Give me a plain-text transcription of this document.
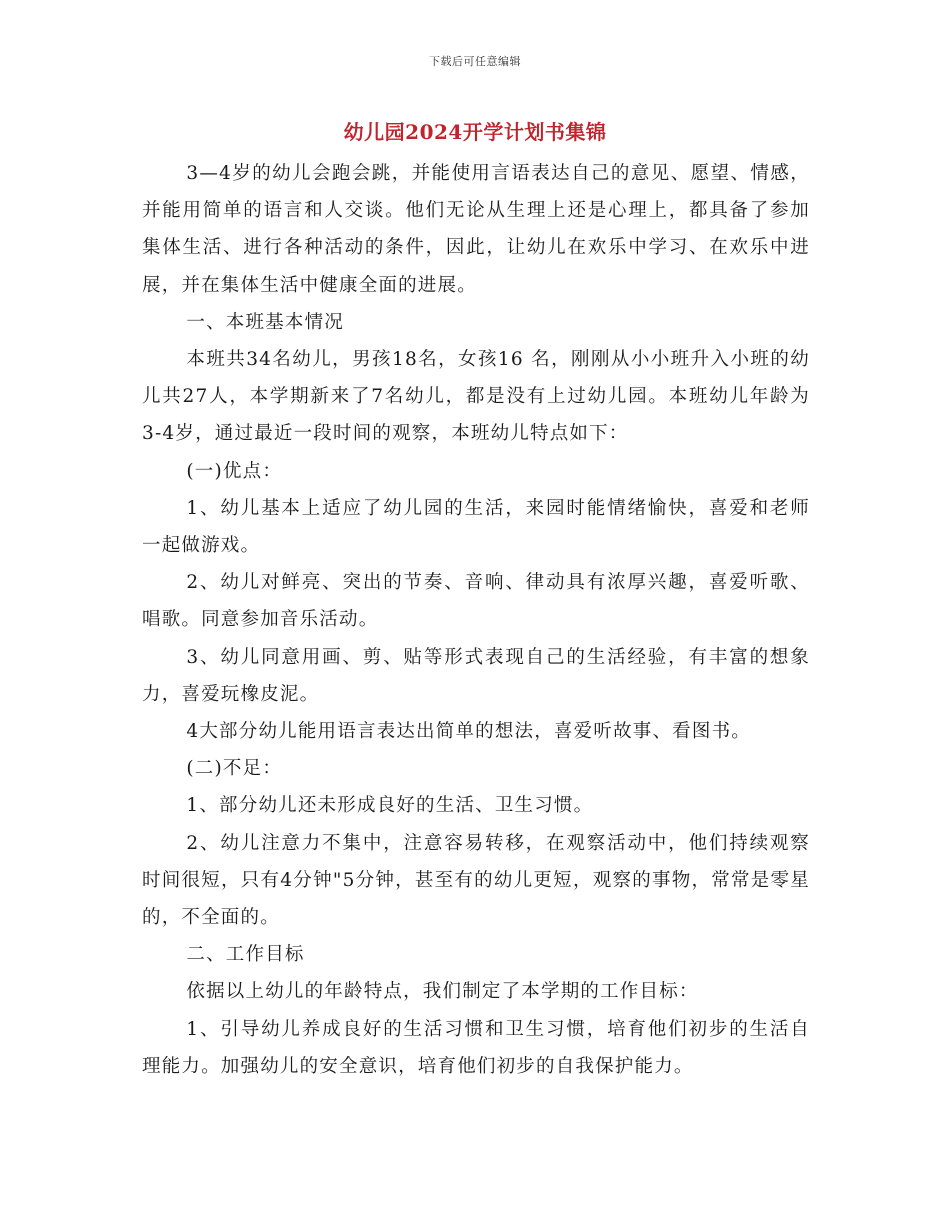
下载后可任意编辑
幼儿园2024开学计划书集锦

3—4岁的幼儿会跑会跳，并能使用言语表达自己的意见、愿望、情感，并能用简单的语言和人交谈。他们无论从生理上还是心理上，都具备了参加集体生活、进行各种活动的条件，因此，让幼儿在欢乐中学习、在欢乐中进展，并在集体生活中健康全面的进展。

一、本班基本情况

本班共34名幼儿，男孩18名，女孩16 名，刚刚从小小班升入小班的幼儿共27人，本学期新来了7名幼儿，都是没有上过幼儿园。本班幼儿年龄为3-4岁，通过最近一段时间的观察，本班幼儿特点如下：

(一)优点：

1、幼儿基本上适应了幼儿园的生活，来园时能情绪愉快，喜爱和老师一起做游戏。

2、幼儿对鲜亮、突出的节奏、音响、律动具有浓厚兴趣，喜爱听歌、唱歌。同意参加音乐活动。

3、幼儿同意用画、剪、贴等形式表现自己的生活经验，有丰富的想象力，喜爱玩橡皮泥。

4大部分幼儿能用语言表达出简单的想法，喜爱听故事、看图书。

(二)不足：

1、部分幼儿还未形成良好的生活、卫生习惯。

2、幼儿注意力不集中，注意容易转移，在观察活动中，他们持续观察时间很短，只有4分钟"5分钟，甚至有的幼儿更短，观察的事物，常常是零星的，不全面的。

二、工作目标

依据以上幼儿的年龄特点，我们制定了本学期的工作目标：

1、引导幼儿养成良好的生活习惯和卫生习惯，培育他们初步的生活自理能力。加强幼儿的安全意识，培育他们初步的自我保护能力。
